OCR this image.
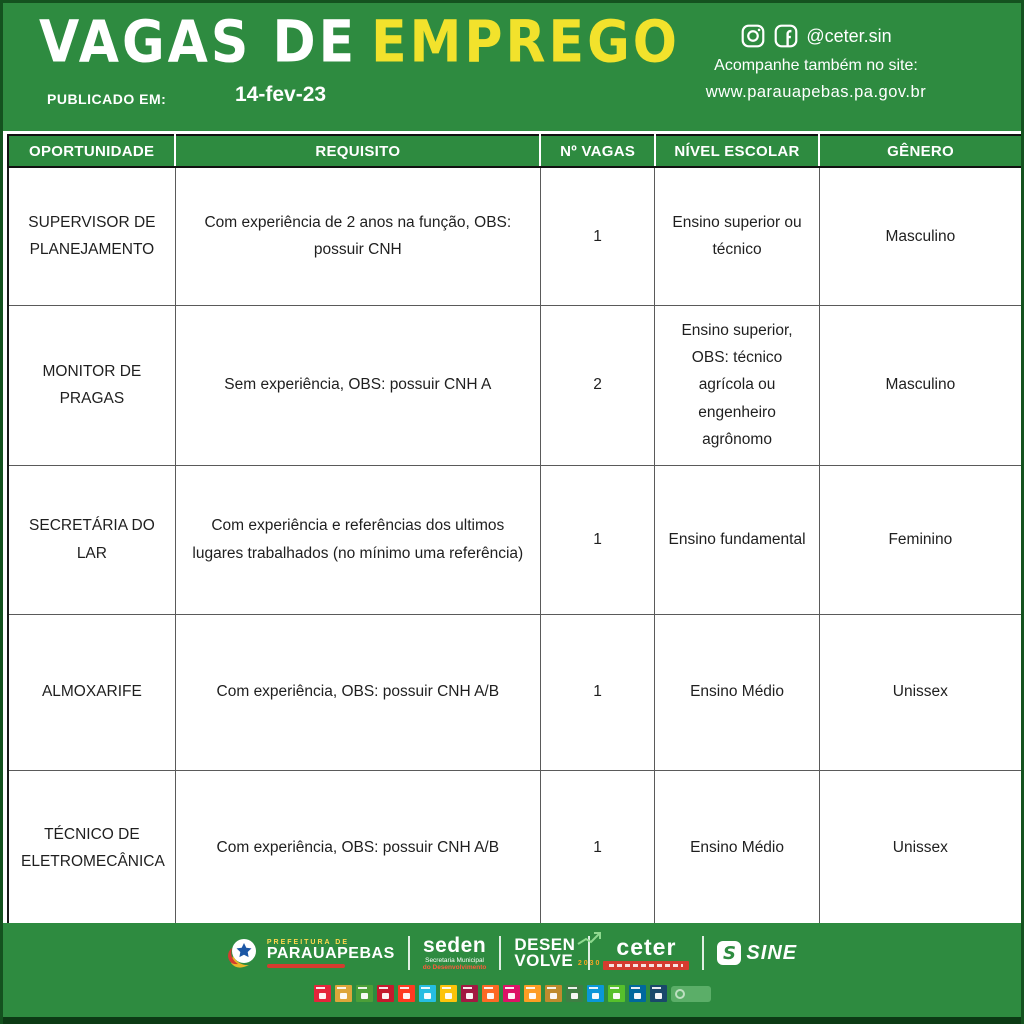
VAGAS DE EMPREGO
PUBLICADO EM:	14-fev-23
@ceter.sin
Acompanhe também no site:
www.parauapebas.pa.gov.br
OPORTUNIDADE	REQUISITO	Nº VAGAS	NÍVEL ESCOLAR	GÊNERO
SUPERVISOR DE PLANEJAMENTO	Com experiência de 2 anos na função, OBS: possuir CNH	1	Ensino superior ou técnico	Masculino
MONITOR DE PRAGAS	Sem experiência, OBS: possuir CNH A	2	Ensino superior, OBS: técnico agrícola ou engenheiro agrônomo	Masculino
SECRETÁRIA DO LAR	Com experiência e referências dos ultimos lugares trabalhados (no mínimo uma referência)	1	Ensino fundamental	Feminino
ALMOXARIFE	Com experiência, OBS: possuir CNH A/B	1	Ensino Médio	Unissex
TÉCNICO DE ELETROMECÂNICA	Com experiência, OBS: possuir CNH A/B	1	Ensino Médio	Unissex
PREFEITURA DE
PARAUAPEBAS seden
Secretaria Municipal
do Desenvolvimento
DESEN
VOLVE 2030
ceter	S SINE
